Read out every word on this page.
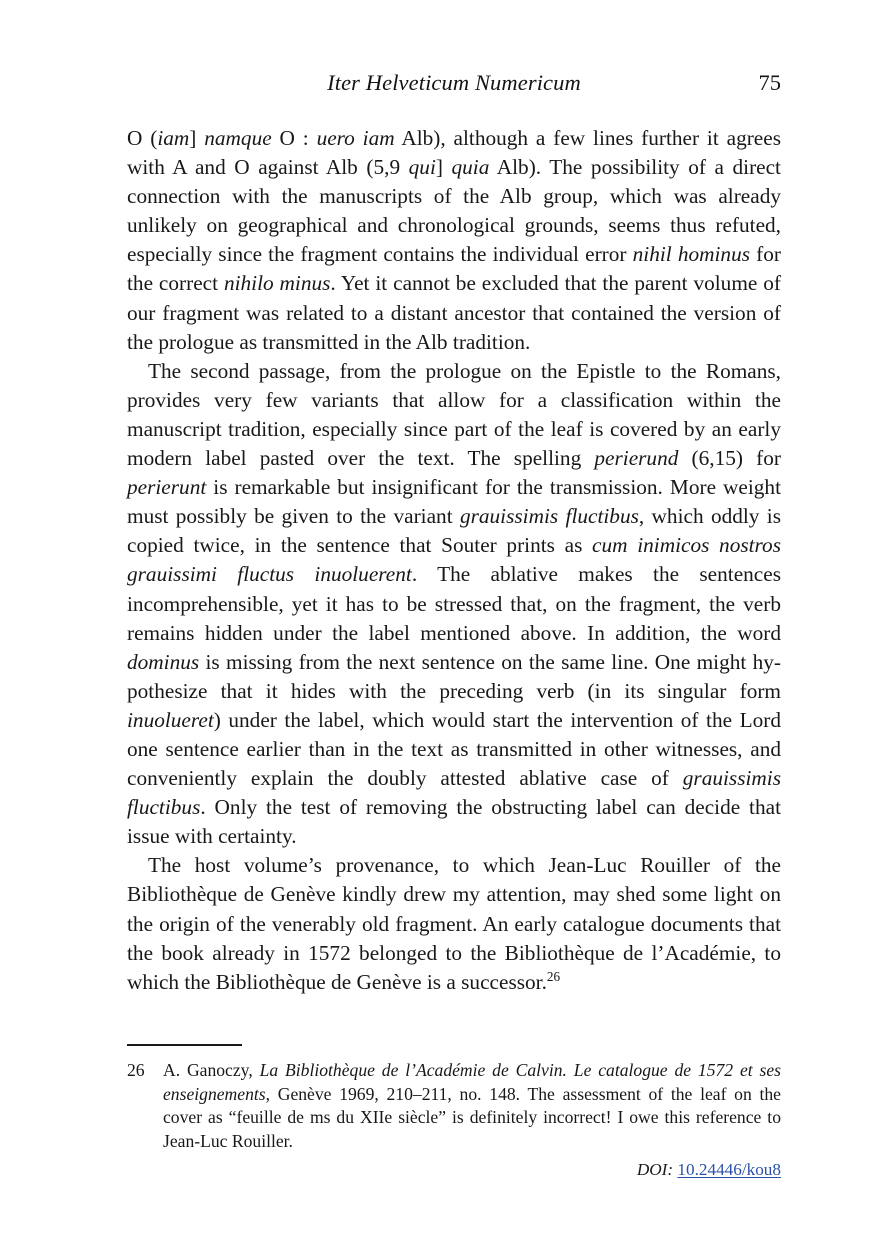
Iter Helveticum Numericum	75

O (iam] namque O : uero iam Alb), although a few lines further it agrees with A and O against Alb (5,9 qui] quia Alb). The possibility of a direct connection with the manuscripts of the Alb group, which was already unlikely on geographical and chronological grounds, seems thus refuted, especially since the fragment contains the individual error nihil hominus for the correct nihilo minus. Yet it cannot be excluded that the parent volume of our fragment was related to a distant ancestor that contained the version of the prologue as transmitted in the Alb tradition.

The second passage, from the prologue on the Epistle to the Romans, provides very few variants that allow for a classification within the manuscript tradition, especially since part of the leaf is covered by an early modern label pasted over the text. The spelling perierund (6,15) for perierunt is remarkable but insignificant for the transmission. More weight must possibly be given to the variant grauissimis fluctibus, which oddly is copied twice, in the sentence that Souter prints as cum inimicos nostros grauissimi fluctus inuoluerent. The ablative makes the sentences incomprehensible, yet it has to be stressed that, on the fragment, the verb remains hidden under the label mentioned above. In addition, the word dominus is missing from the next sentence on the same line. One might hypothesize that it hides with the preceding verb (in its singular form inuolueret) under the label, which would start the intervention of the Lord one sentence earlier than in the text as transmitted in other witnesses, and conveniently explain the doubly attested ablative case of grauissimis fluctibus. Only the test of removing the obstructing label can decide that issue with certainty.

The host volume’s provenance, to which Jean-Luc Rouiller of the Bibliothèque de Genève kindly drew my attention, may shed some light on the origin of the venerably old fragment. An early catalogue documents that the book already in 1572 belonged to the Bibliothèque de l’Académie, to which the Bibliothèque de Genève is a successor.$^{26}$

26	A. Ganoczy, La Bibliothèque de l’Académie de Calvin. Le catalogue de 1572 et ses enseignements, Genève 1969, 210–211, no. 148. The assessment of the leaf on the cover as “feuille de ms du XIIe siècle” is definitely incorrect! I owe this reference to Jean-Luc Rouiller.
DOI: 10.24446/kou8
